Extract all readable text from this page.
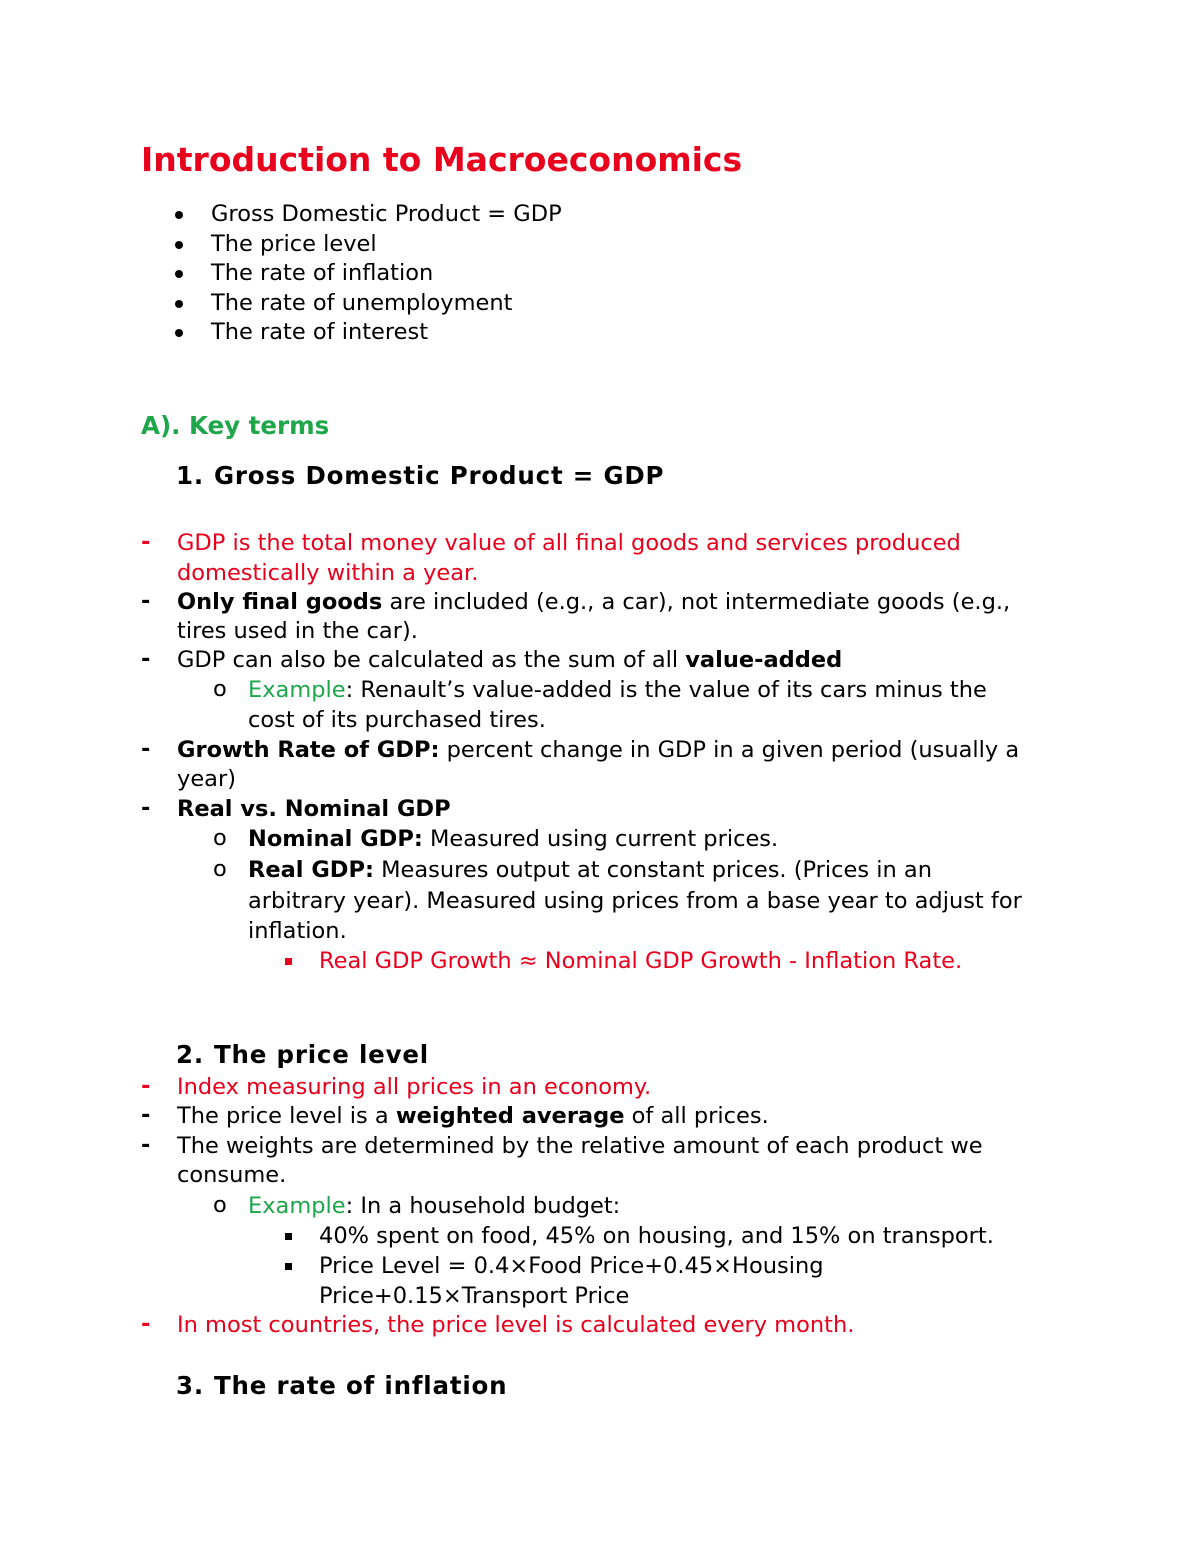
Introduction to Macroeconomics
Gross Domestic Product = GDP
The price level
The rate of inflation
The rate of unemployment
The rate of interest
A). Key terms
1. Gross Domestic Product = GDP
- GDP is the total money value of all final goods and services produced
domestically within a year.
- Only final goods are included (e.g., a car), not intermediate goods (e.g.,
tires used in the car).
- GDP can also be calculated as the sum of all value-added
o Example: Renault’s value-added is the value of its cars minus the
cost of its purchased tires.
- Growth Rate of GDP: percent change in GDP in a given period (usually a
year)
- Real vs. Nominal GDP
o Nominal GDP: Measured using current prices.
o Real GDP: Measures output at constant prices. (Prices in an
arbitrary year). Measured using prices from a base year to adjust for
inflation.
Real GDP Growth ≈ Nominal GDP Growth - Inflation Rate.
2. The price level
- Index measuring all prices in an economy.
- The price level is a weighted average of all prices.
- The weights are determined by the relative amount of each product we
consume.
o Example: In a household budget:
40% spent on food, 45% on housing, and 15% on transport.
Price Level = 0.4×Food Price+0.45×Housing
Price+0.15×Transport Price
- In most countries, the price level is calculated every month.
3. The rate of inflation
